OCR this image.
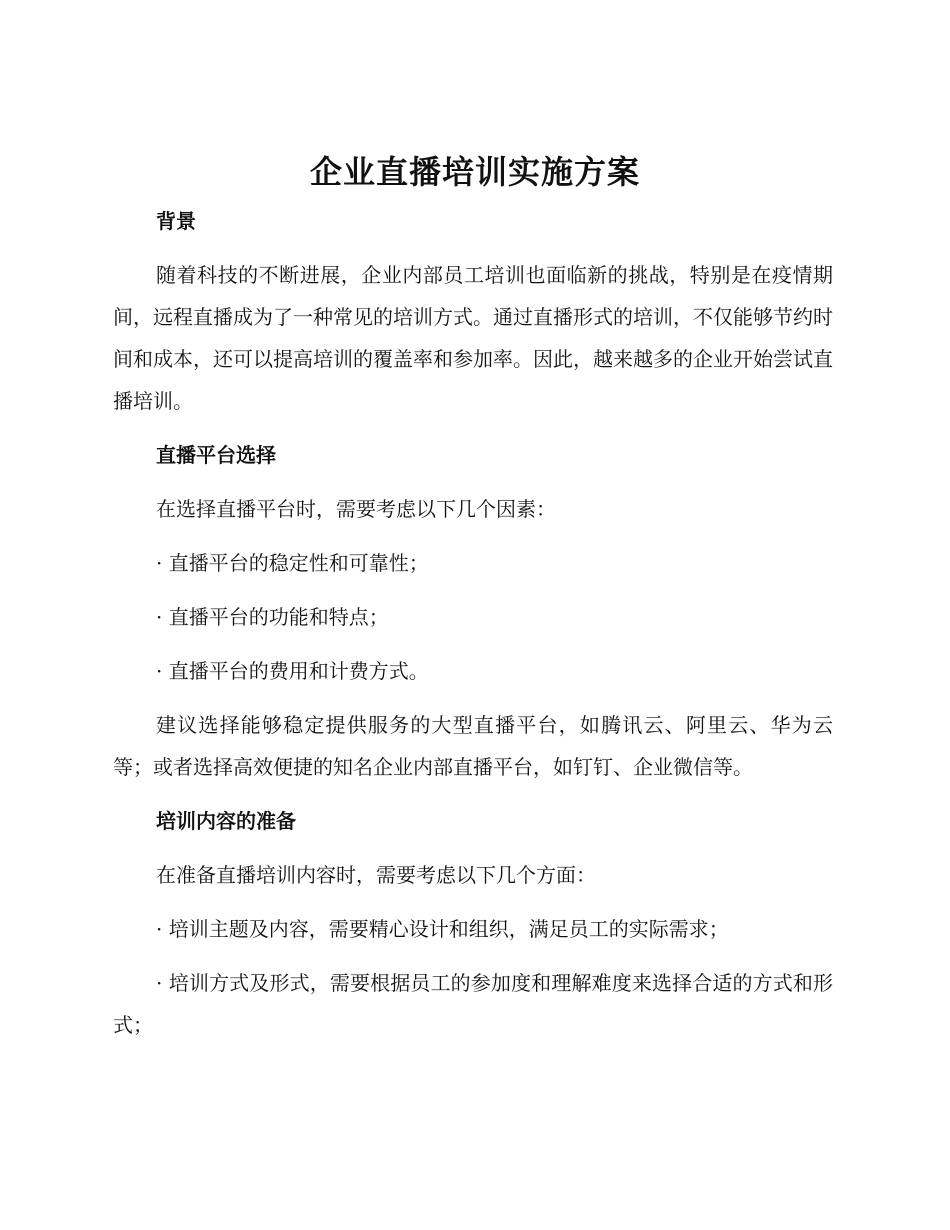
企业直播培训实施方案
背景

随着科技的不断进展，企业内部员工培训也面临新的挑战，特别是在疫情期间，远程直播成为了一种常见的培训方式。通过直播形式的培训，不仅能够节约时间和成本，还可以提高培训的覆盖率和参加率。因此，越来越多的企业开始尝试直播培训。

直播平台选择

在选择直播平台时，需要考虑以下几个因素：

· 直播平台的稳定性和可靠性；

· 直播平台的功能和特点；

· 直播平台的费用和计费方式。

建议选择能够稳定提供服务的大型直播平台，如腾讯云、阿里云、华为云等；或者选择高效便捷的知名企业内部直播平台，如钉钉、企业微信等。

培训内容的准备

在准备直播培训内容时，需要考虑以下几个方面：

· 培训主题及内容，需要精心设计和组织，满足员工的实际需求；

· 培训方式及形式，需要根据员工的参加度和理解难度来选择合适的方式和形式；
